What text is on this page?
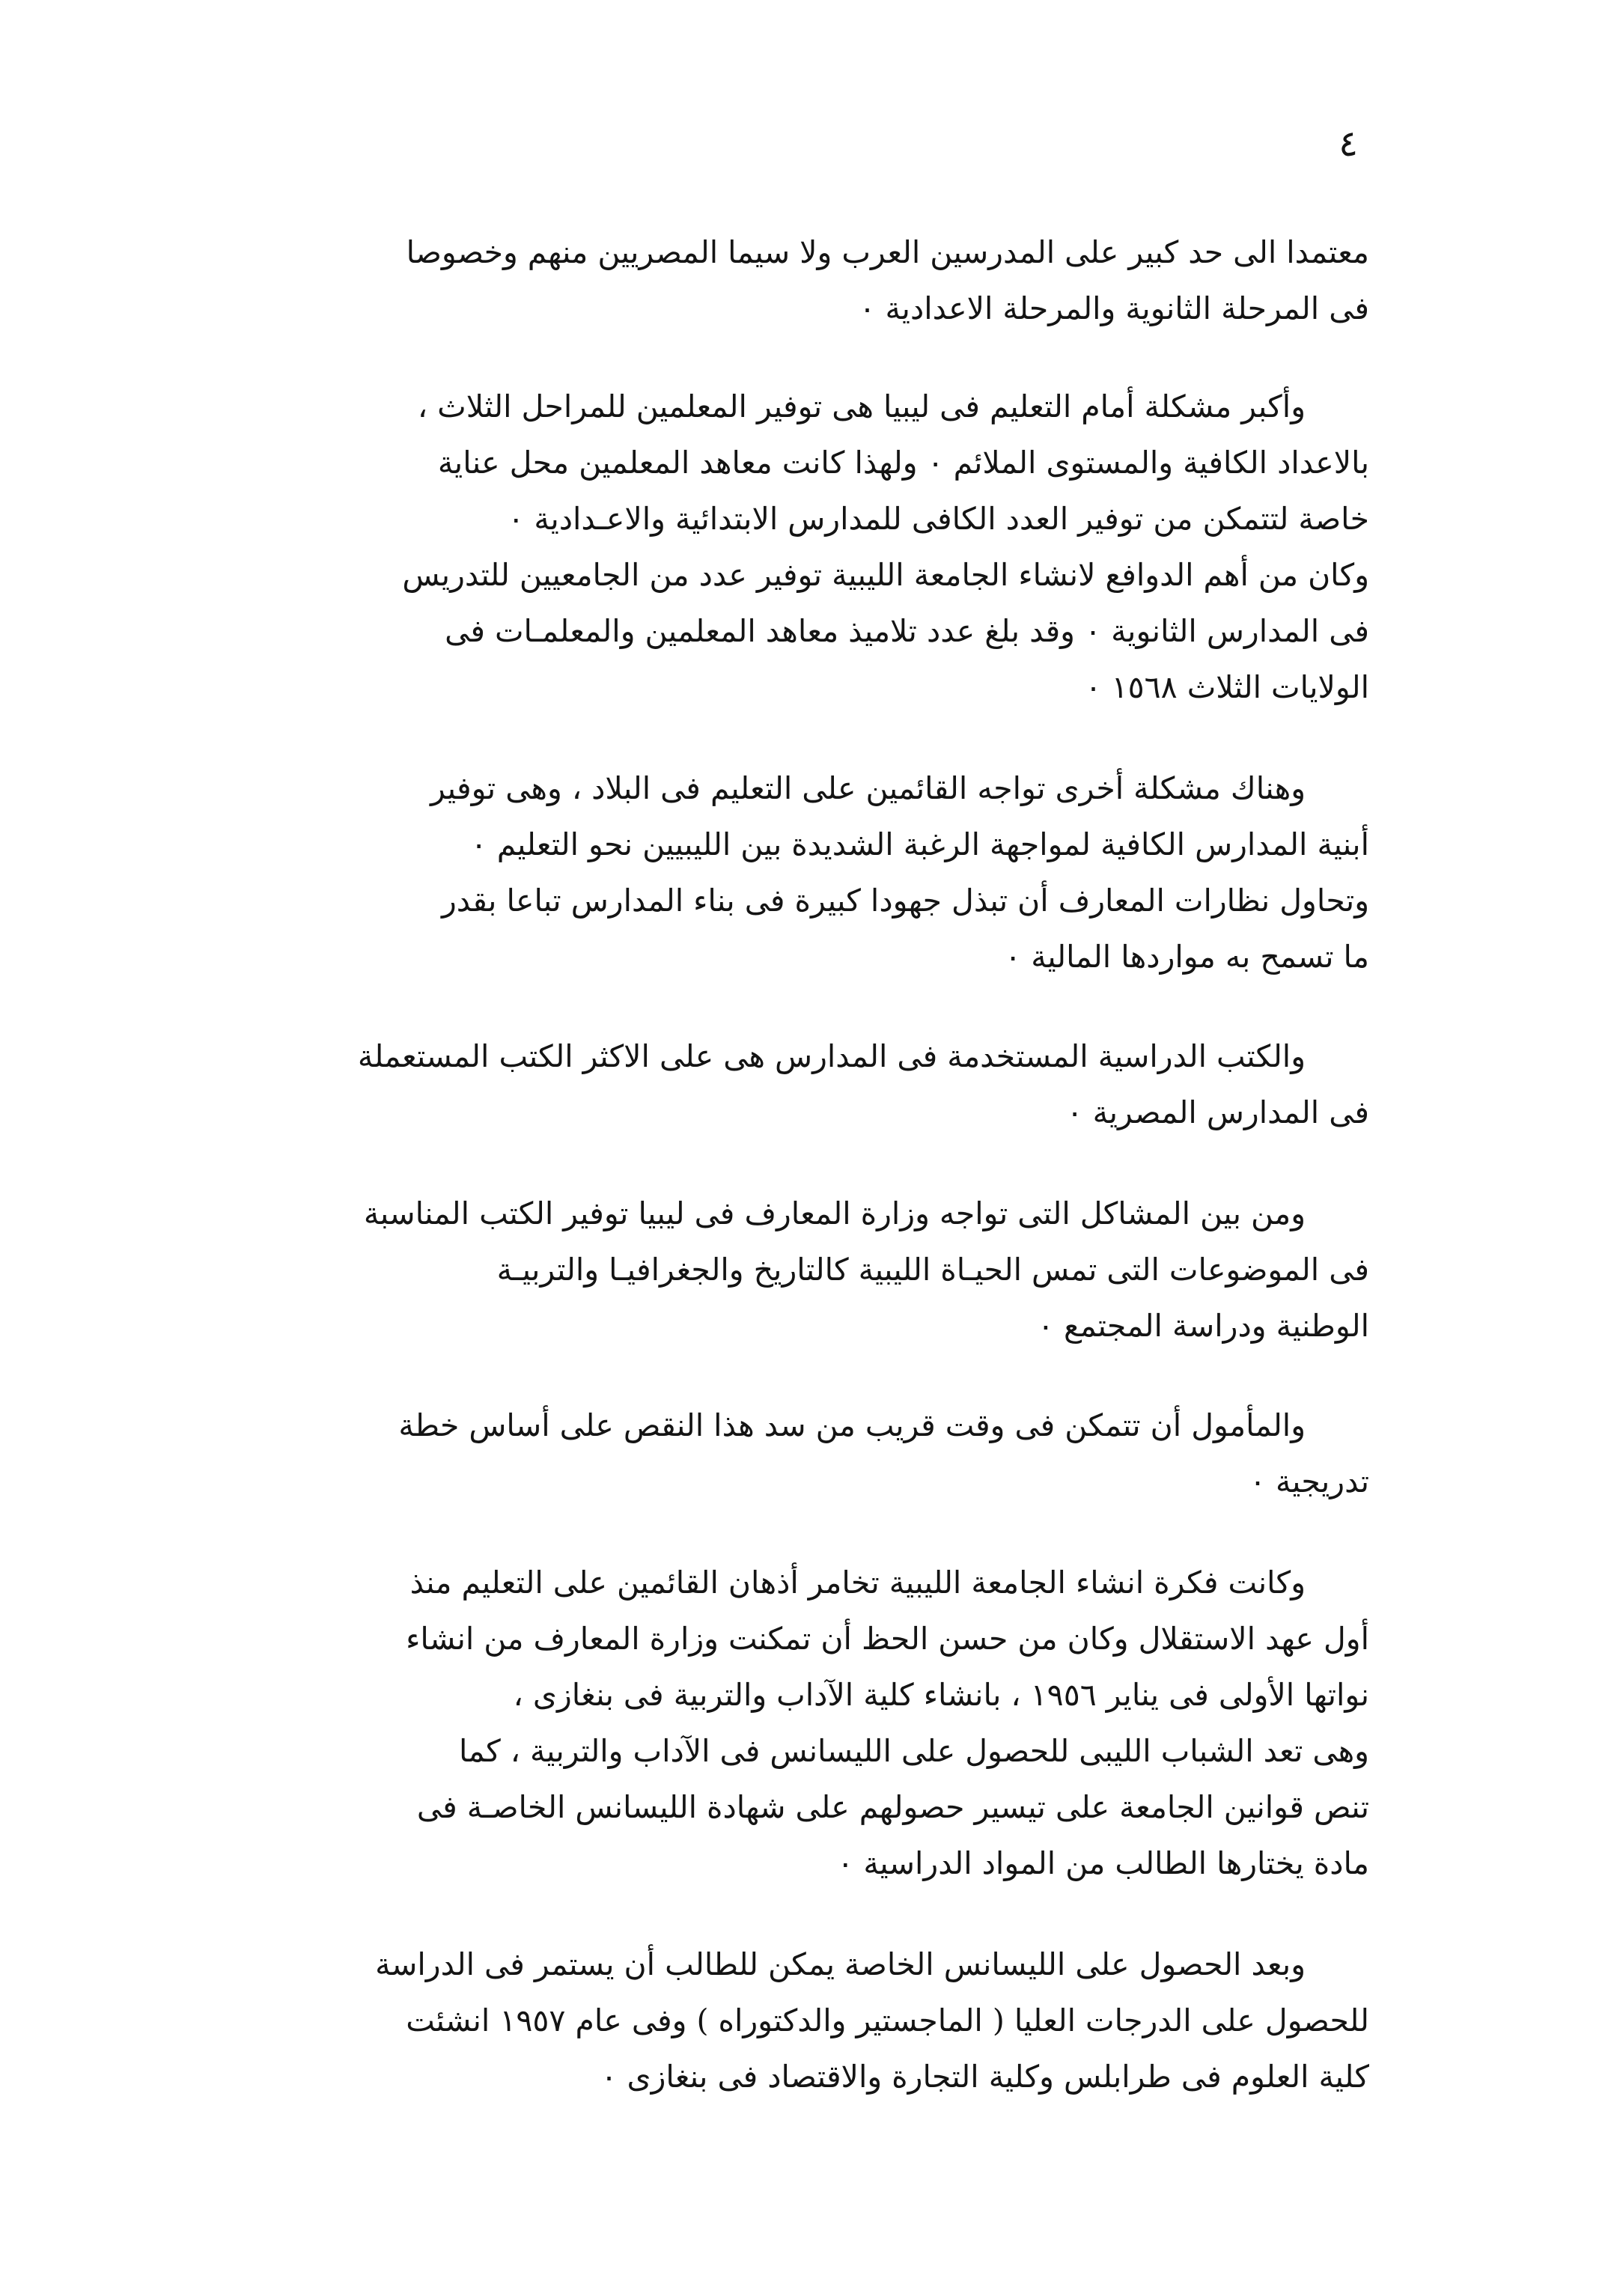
٤
معتمدا الى حد كبير على المدرسين العرب ولا سيما المصريين منهم وخصوصا
فى المرحلة الثانوية والمرحلة الاعدادية ٠
وأكبر مشكلة أمام التعليم فى ليبيا هى توفير المعلمين للمراحل الثلاث ،
بالاعداد الكافية والمستوى الملائم ٠ ولهذا كانت معاهد المعلمين محل عناية
خاصة لتتمكن من توفير العدد الكافى للمدارس الابتدائية والاعـدادية ٠
وكان من أهم الدوافع لانشاء الجامعة الليبية توفير عدد من الجامعيين للتدريس
فى المدارس الثانوية ٠ وقد بلغ عدد تلاميذ معاهد المعلمين والمعلمـات فى
الولايات الثلاث ١٥٦٨ ٠
وهناك مشكلة أخرى تواجه القائمين على التعليم فى البلاد ، وهى توفير
أبنية المدارس الكافية لمواجهة الرغبة الشديدة بين الليبيين نحو التعليم ٠
وتحاول نظارات المعارف أن تبذل جهودا كبيرة فى بناء المدارس تباعا بقدر
ما تسمح به مواردها المالية ٠
والكتب الدراسية المستخدمة فى المدارس هى على الاكثر الكتب المستعملة
فى المدارس المصرية ٠
ومن بين المشاكل التى تواجه وزارة المعارف فى ليبيا توفير الكتب المناسبة
فى الموضوعات التى تمس الحيـاة الليبية كالتاريخ والجغرافيـا والتربيـة
الوطنية ودراسة المجتمع ٠
والمأمول أن تتمكن فى وقت قريب من سد هذا النقص على أساس خطة
تدريجية ٠
وكانت فكرة انشاء الجامعة الليبية تخامر أذهان القائمين على التعليم منذ
أول عهد الاستقلال وكان من حسن الحظ أن تمكنت وزارة المعارف من انشاء
نواتها الأولى فى يناير ١٩٥٦ ، بانشاء كلية الآداب والتربية فى بنغازى ،
وهى تعد الشباب الليبى للحصول على الليسانس فى الآداب والتربية ، كما
تنص قوانين الجامعة على تيسير حصولهم على شهادة الليسانس الخاصـة فى
مادة يختارها الطالب من المواد الدراسية ٠
وبعد الحصول على الليسانس الخاصة يمكن للطالب أن يستمر فى الدراسة
للحصول على الدرجات العليا ( الماجستير والدكتوراه ) وفى عام ١٩٥٧ انشئت
كلية العلوم فى طرابلس وكلية التجارة والاقتصاد فى بنغازى ٠
